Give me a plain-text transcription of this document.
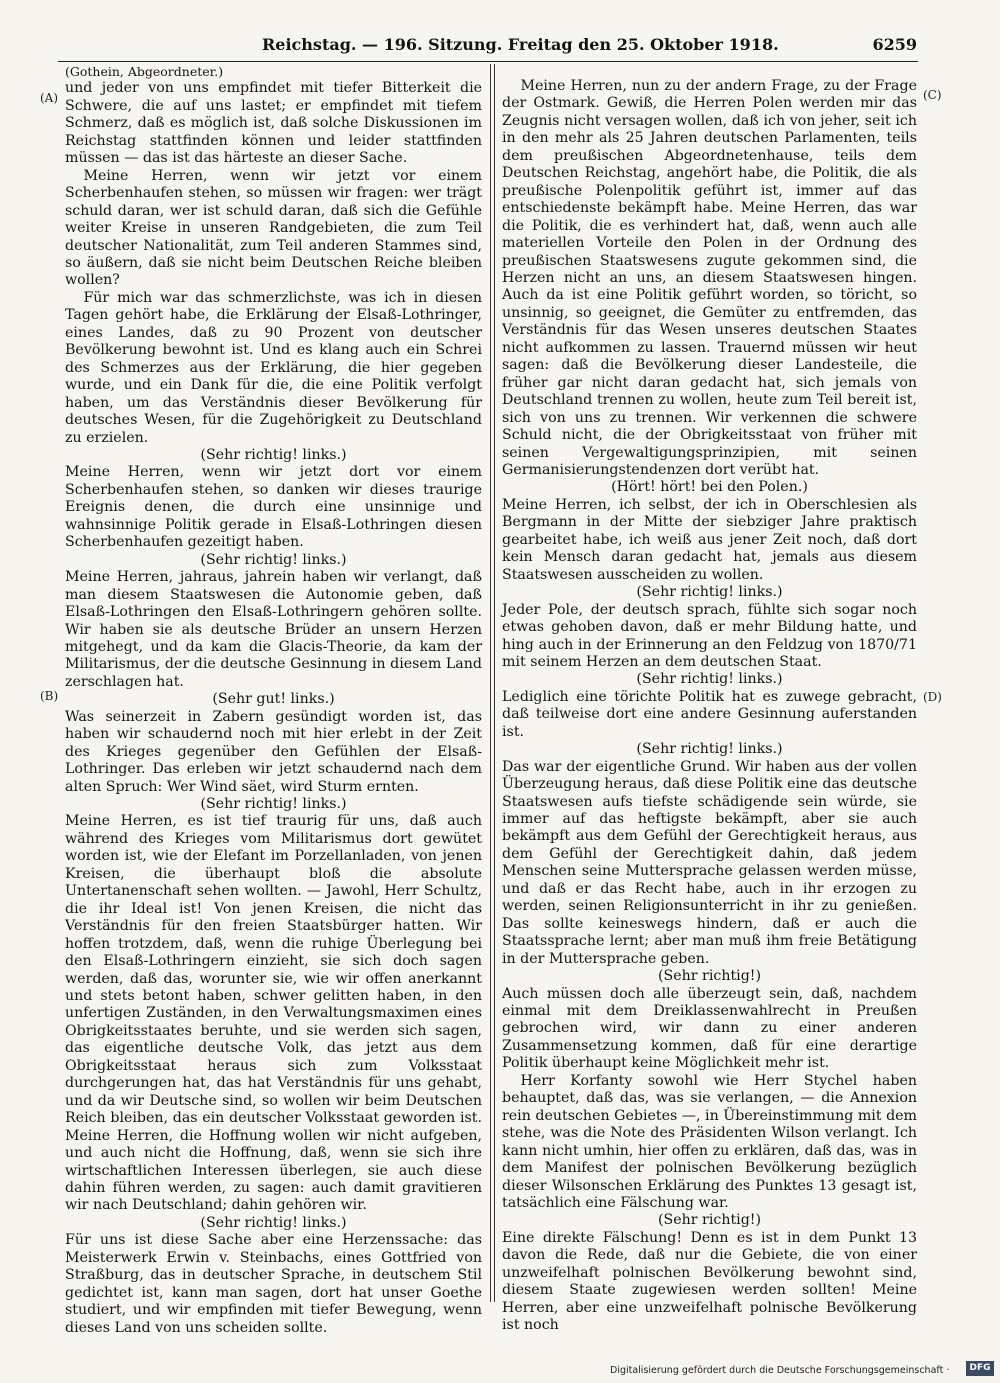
Reichstag. — 196. Sitzung. Freitag den 25. Oktober 1918.	6259
(A)
(B)
(C)
(D)

(Gothein, Abgeordneter.)

und jeder von uns empfindet mit tiefer Bitterkeit die Schwere, die auf uns lastet; er empfindet mit tiefem Schmerz, daß es möglich ist, daß solche Diskussionen im Reichstag stattfinden können und leider stattfinden müssen — das ist das härteste an dieser Sache.

Meine Herren, wenn wir jetzt vor einem Scherbenhaufen stehen, so müssen wir fragen: wer trägt schuld daran, wer ist schuld daran, daß sich die Gefühle weiter Kreise in unseren Randgebieten, die zum Teil deutscher Nationalität, zum Teil anderen Stammes sind, so äußern, daß sie nicht beim Deutschen Reiche bleiben wollen?

Für mich war das schmerzlichste, was ich in diesen Tagen gehört habe, die Erklärung der Elsaß-Lothringer, eines Landes, daß zu 90 Prozent von deutscher Bevölkerung bewohnt ist. Und es klang auch ein Schrei des Schmerzes aus der Erklärung, die hier gegeben wurde, und ein Dank für die, die eine Politik verfolgt haben, um das Verständnis dieser Bevölkerung für deutsches Wesen, für die Zugehörigkeit zu Deutschland zu erzielen.

(Sehr richtig! links.)

Meine Herren, wenn wir jetzt dort vor einem Scherbenhaufen stehen, so danken wir dieses traurige Ereignis denen, die durch eine unsinnige und wahnsinnige Politik gerade in Elsaß-Lothringen diesen Scherbenhaufen gezeitigt haben.

(Sehr richtig! links.)

Meine Herren, jahraus, jahrein haben wir verlangt, daß man diesem Staatswesen die Autonomie geben, daß Elsaß-Lothringen den Elsaß-Lothringern gehören sollte. Wir haben sie als deutsche Brüder an unsern Herzen mitgehegt, und da kam die Glacis-Theorie, da kam der Militarismus, der die deutsche Gesinnung in diesem Land zerschlagen hat.

(Sehr gut! links.)

Was seinerzeit in Zabern gesündigt worden ist, das haben wir schaudernd noch mit hier erlebt in der Zeit des Krieges gegenüber den Gefühlen der Elsaß-Lothringer. Das erleben wir jetzt schaudernd nach dem alten Spruch: Wer Wind säet, wird Sturm ernten.

(Sehr richtig! links.)

Meine Herren, es ist tief traurig für uns, daß auch während des Krieges vom Militarismus dort gewütet worden ist, wie der Elefant im Porzellanladen, von jenen Kreisen, die überhaupt bloß die absolute Untertanenschaft sehen wollten. — Jawohl, Herr Schultz, die ihr Ideal ist! Von jenen Kreisen, die nicht das Verständnis für den freien Staatsbürger hatten. Wir hoffen trotzdem, daß, wenn die ruhige Überlegung bei den Elsaß-Lothringern einzieht, sie sich doch sagen werden, daß das, worunter sie, wie wir offen anerkannt und stets betont haben, schwer gelitten haben, in den unfertigen Zuständen, in den Verwaltungsmaximen eines Obrigkeitsstaates beruhte, und sie werden sich sagen, das eigentliche deutsche Volk, das jetzt aus dem Obrigkeitsstaat heraus sich zum Volksstaat durchgerungen hat, das hat Verständnis für uns gehabt, und da wir Deutsche sind, so wollen wir beim Deutschen Reich bleiben, das ein deutscher Volksstaat geworden ist. Meine Herren, die Hoffnung wollen wir nicht aufgeben, und auch nicht die Hoffnung, daß, wenn sie sich ihre wirtschaftlichen Interessen überlegen, sie auch diese dahin führen werden, zu sagen: auch damit gravitieren wir nach Deutschland; dahin gehören wir.

(Sehr richtig! links.)

Für uns ist diese Sache aber eine Herzenssache: das Meisterwerk Erwin v. Steinbachs, eines Gottfried von Straßburg, das in deutscher Sprache, in deutschem Stil gedichtet ist, kann man sagen, dort hat unser Goethe studiert, und wir empfinden mit tiefer Bewegung, wenn dieses Land von uns scheiden sollte.

Meine Herren, nun zu der andern Frage, zu der Frage der Ostmark. Gewiß, die Herren Polen werden mir das Zeugnis nicht versagen wollen, daß ich von jeher, seit ich in den mehr als 25 Jahren deutschen Parlamenten, teils dem preußischen Abgeordnetenhause, teils dem Deutschen Reichstag, angehört habe, die Politik, die als preußische Polenpolitik geführt ist, immer auf das entschiedenste bekämpft habe. Meine Herren, das war die Politik, die es verhindert hat, daß, wenn auch alle materiellen Vorteile den Polen in der Ordnung des preußischen Staatswesens zugute gekommen sind, die Herzen nicht an uns, an diesem Staatswesen hingen. Auch da ist eine Politik geführt worden, so töricht, so unsinnig, so geeignet, die Gemüter zu entfremden, das Verständnis für das Wesen unseres deutschen Staates nicht aufkommen zu lassen. Trauernd müssen wir heut sagen: daß die Bevölkerung dieser Landesteile, die früher gar nicht daran gedacht hat, sich jemals von Deutschland trennen zu wollen, heute zum Teil bereit ist, sich von uns zu trennen. Wir verkennen die schwere Schuld nicht, die der Obrigkeitsstaat von früher mit seinen Vergewaltigungsprinzipien, mit seinen Germanisierungstendenzen dort verübt hat.

(Hört! hört! bei den Polen.)

Meine Herren, ich selbst, der ich in Oberschlesien als Bergmann in der Mitte der siebziger Jahre praktisch gearbeitet habe, ich weiß aus jener Zeit noch, daß dort kein Mensch daran gedacht hat, jemals aus diesem Staatswesen ausscheiden zu wollen.

(Sehr richtig! links.)

Jeder Pole, der deutsch sprach, fühlte sich sogar noch etwas gehoben davon, daß er mehr Bildung hatte, und hing auch in der Erinnerung an den Feldzug von 1870/71 mit seinem Herzen an dem deutschen Staat.

(Sehr richtig! links.)

Lediglich eine törichte Politik hat es zuwege gebracht, daß teilweise dort eine andere Gesinnung auferstanden ist.

(Sehr richtig! links.)

Das war der eigentliche Grund. Wir haben aus der vollen Überzeugung heraus, daß diese Politik eine das deutsche Staatswesen aufs tiefste schädigende sein würde, sie immer auf das heftigste bekämpft, aber sie auch bekämpft aus dem Gefühl der Gerechtigkeit heraus, aus dem Gefühl der Gerechtigkeit dahin, daß jedem Menschen seine Muttersprache gelassen werden müsse, und daß er das Recht habe, auch in ihr erzogen zu werden, seinen Religionsunterricht in ihr zu genießen. Das sollte keineswegs hindern, daß er auch die Staatssprache lernt; aber man muß ihm freie Betätigung in der Muttersprache geben.

(Sehr richtig!)

Auch müssen doch alle überzeugt sein, daß, nachdem einmal mit dem Dreiklassenwahlrecht in Preußen gebrochen wird, wir dann zu einer anderen Zusammensetzung kommen, daß für eine derartige Politik überhaupt keine Möglichkeit mehr ist.

Herr Korfanty sowohl wie Herr Stychel haben behauptet, daß das, was sie verlangen, — die Annexion rein deutschen Gebietes —, in Übereinstimmung mit dem stehe, was die Note des Präsidenten Wilson verlangt. Ich kann nicht umhin, hier offen zu erklären, daß das, was in dem Manifest der polnischen Bevölkerung bezüglich dieser Wilsonschen Erklärung des Punktes 13 gesagt ist, tatsächlich eine Fälschung war.

(Sehr richtig!)

Eine direkte Fälschung! Denn es ist in dem Punkt 13 davon die Rede, daß nur die Gebiete, die von einer unzweifelhaft polnischen Bevölkerung bewohnt sind, diesem Staate zugewiesen werden sollten! Meine Herren, aber eine unzweifelhaft polnische Bevölkerung ist noch

Digitalisierung gefördert durch die Deutsche Forschungsgemeinschaft ·	DFG
